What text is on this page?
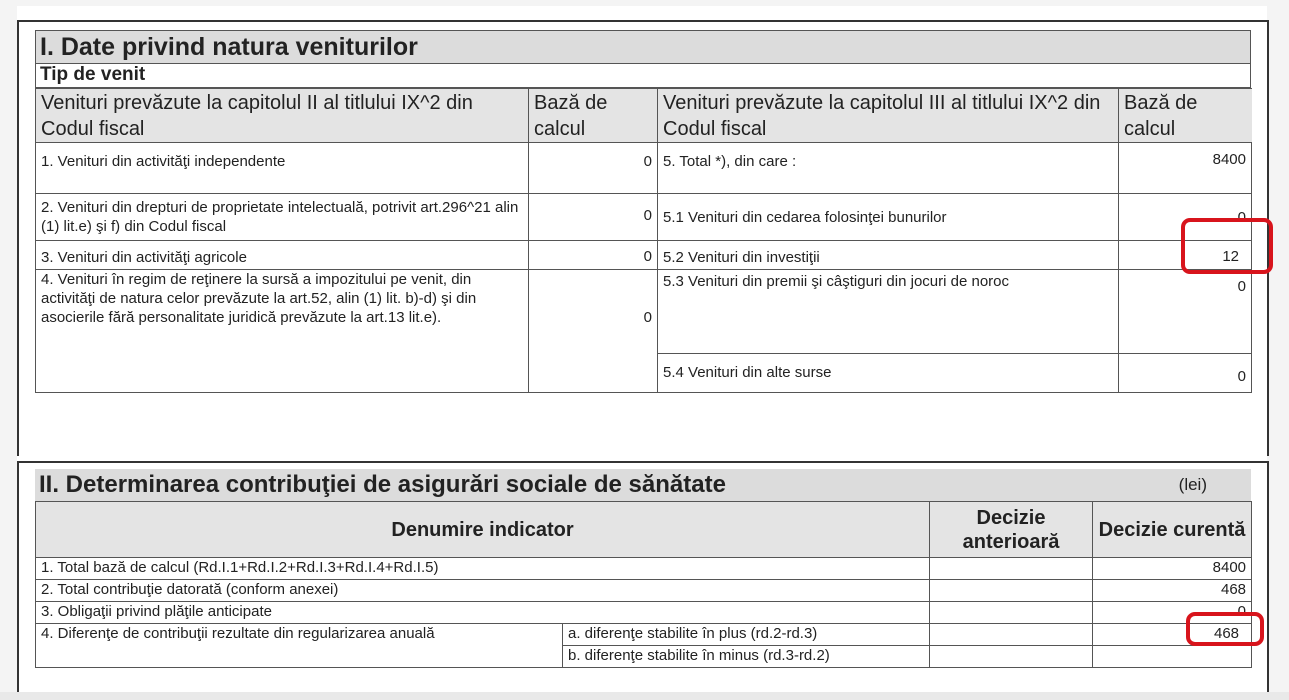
I. Date privind natura veniturilor
Tip de venit
Venituri prevăzute la capitolul II al titlului IX^2 din Codul fiscal	Bază de calcul	Venituri prevăzute la capitolul III al titlului IX^2 din Codul fiscal	Bază de calcul
1. Venituri din activităţi independente	0	5. Total *), din care :	8400
2. Venituri din drepturi de proprietate intelectuală, potrivit art.296^21 alin (1) lit.e) şi f) din Codul fiscal	0	5.1 Venituri din cedarea folosinţei bunurilor	0
3. Venituri din activităţi agricole	0	5.2 Venituri din investiţii	12
4. Venituri în regim de reţinere la sursă a impozitului pe venit, din activităţi de natura celor prevăzute la art.52, alin (1) lit. b)-d) şi din asocierile fără personalitate juridică prevăzute la art.13 lit.e).	0	5.3 Venituri din premii şi câştiguri din jocuri de noroc	0
		5.4 Venituri din alte surse	0
II. Determinarea contribuţiei de asigurări sociale de sănătate	(lei)
Denumire indicator		Decizie anterioară	Decizie curentă
1. Total bază de calcul (Rd.I.1+Rd.I.2+Rd.I.3+Rd.I.4+Rd.I.5)			8400
2. Total contribuţie datorată (conform anexei)			468
3. Obligaţii privind plăţile anticipate			0
4. Diferenţe de contribuţii rezultate din regularizarea anuală	a. diferenţe stabilite în plus (rd.2-rd.3)		468
	b. diferenţe stabilite în minus (rd.3-rd.2)		
